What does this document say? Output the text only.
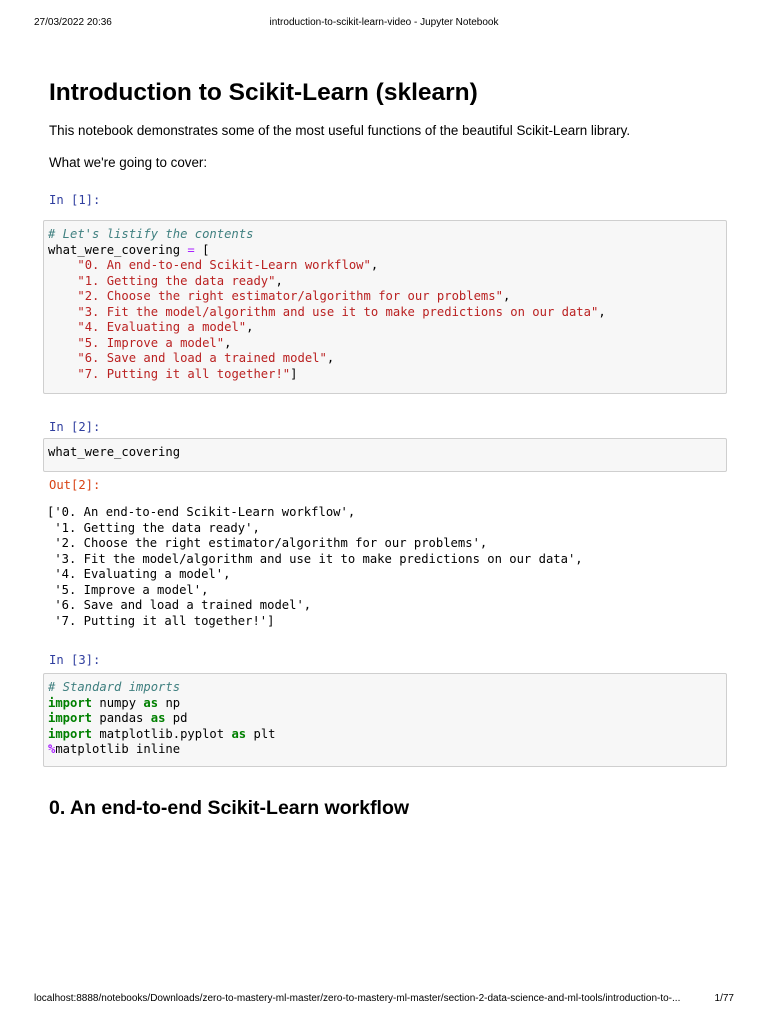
27/03/2022 20:36	introduction-to-scikit-learn-video - Jupyter Notebook
Introduction to Scikit-Learn (sklearn)

This notebook demonstrates some of the most useful functions of the beautiful Scikit-Learn library.

What we're going to cover:

In [1]:
# Let's listify the contents
what_were_covering = [
"0. An end-to-end Scikit-Learn workflow",
"1. Getting the data ready",
"2. Choose the right estimator/algorithm for our problems",
"3. Fit the model/algorithm and use it to make predictions on our data",
"4. Evaluating a model",
"5. Improve a model",
"6. Save and load a trained model",
"7. Putting it all together!"]
In [2]:
what_were_covering
Out[2]:
['0. An end-to-end Scikit-Learn workflow',
'1. Getting the data ready',
'2. Choose the right estimator/algorithm for our problems',
'3. Fit the model/algorithm and use it to make predictions on our data',
'4. Evaluating a model',
'5. Improve a model',
'6. Save and load a trained model',
'7. Putting it all together!']
In [3]:
# Standard imports
import numpy as np
import pandas as pd
import matplotlib.pyplot as plt
%matplotlib inline
0. An end-to-end Scikit-Learn workflow
localhost:8888/notebooks/Downloads/zero-to-mastery-ml-master/zero-to-mastery-ml-master/section-2-data-science-and-ml-tools/introduction-to-...	1/77
